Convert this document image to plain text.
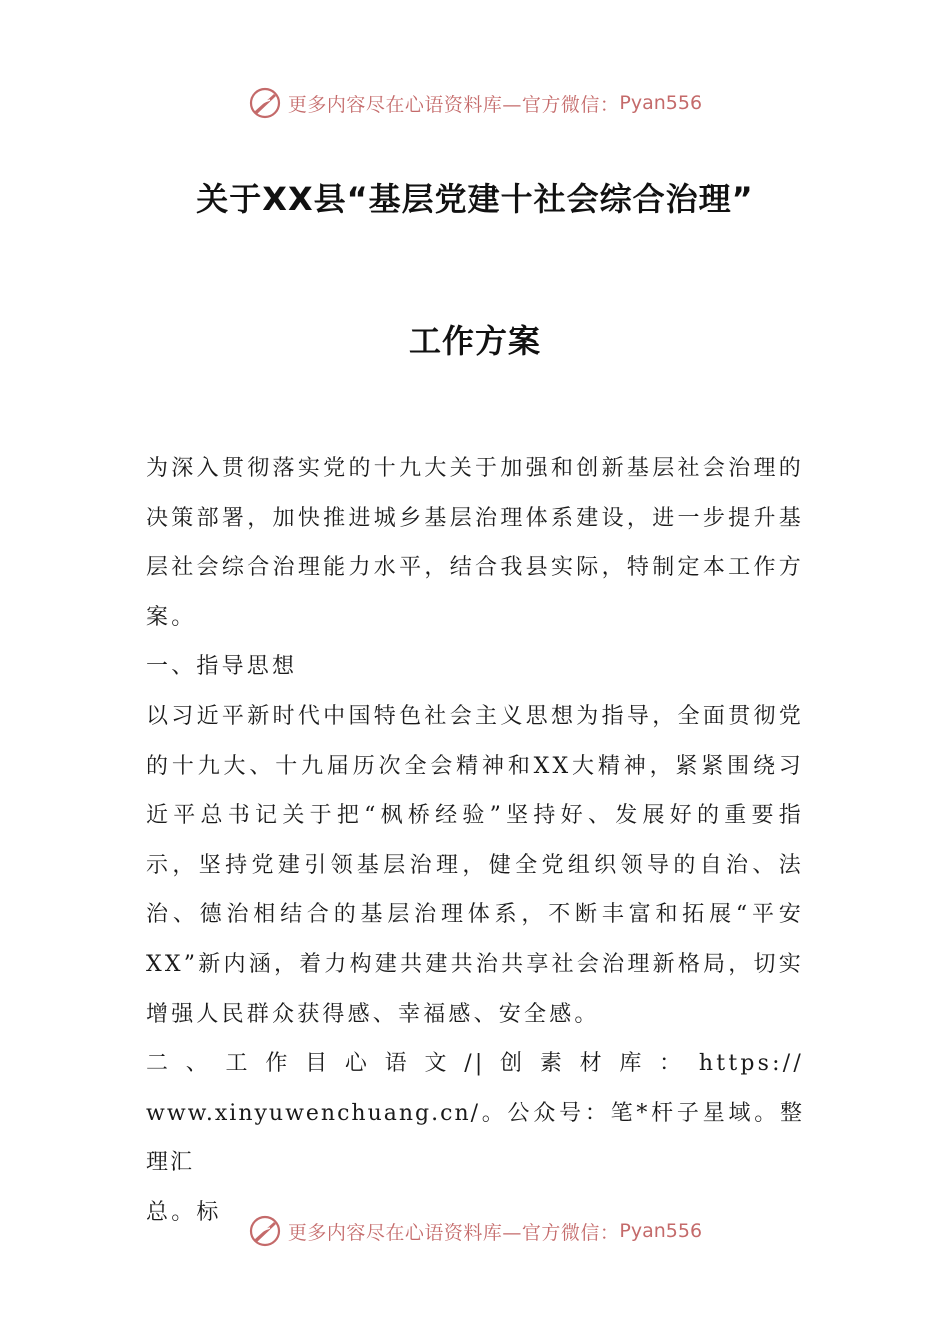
更多内容尽在心语资料库—官方微信： Pyan556
关于XX县“基层党建十社会综合治理”
工作方案

为深入贯彻落实党的十九大关于加强和创新基层社会治理的决策部署，加快推进城乡基层治理体系建设，进一步提升基层社会综合治理能力水平，结合我县实际，特制定本工作方案。

一、指导思想

以习近平新时代中国特色社会主义思想为指导，全面贯彻党的十九大、十九届历次全会精神和XX大精神，紧紧围绕习近平总书记关于把“枫桥经验”坚持好、发展好的重要指示，坚持党建引领基层治理，健全党组织领导的自治、法治、德治相结合的基层治理体系，不断丰富和拓展“平安XX”新内涵，着力构建共建共治共享社会治理新格局，切实增强人民群众获得感、幸福感、安全感。

二、工作目心语文/|创素材库：https://

www.xinyuwenchuang.cn/。公众号：笔*杆子星域。整理汇

总。标

更多内容尽在心语资料库—官方微信： Pyan556
